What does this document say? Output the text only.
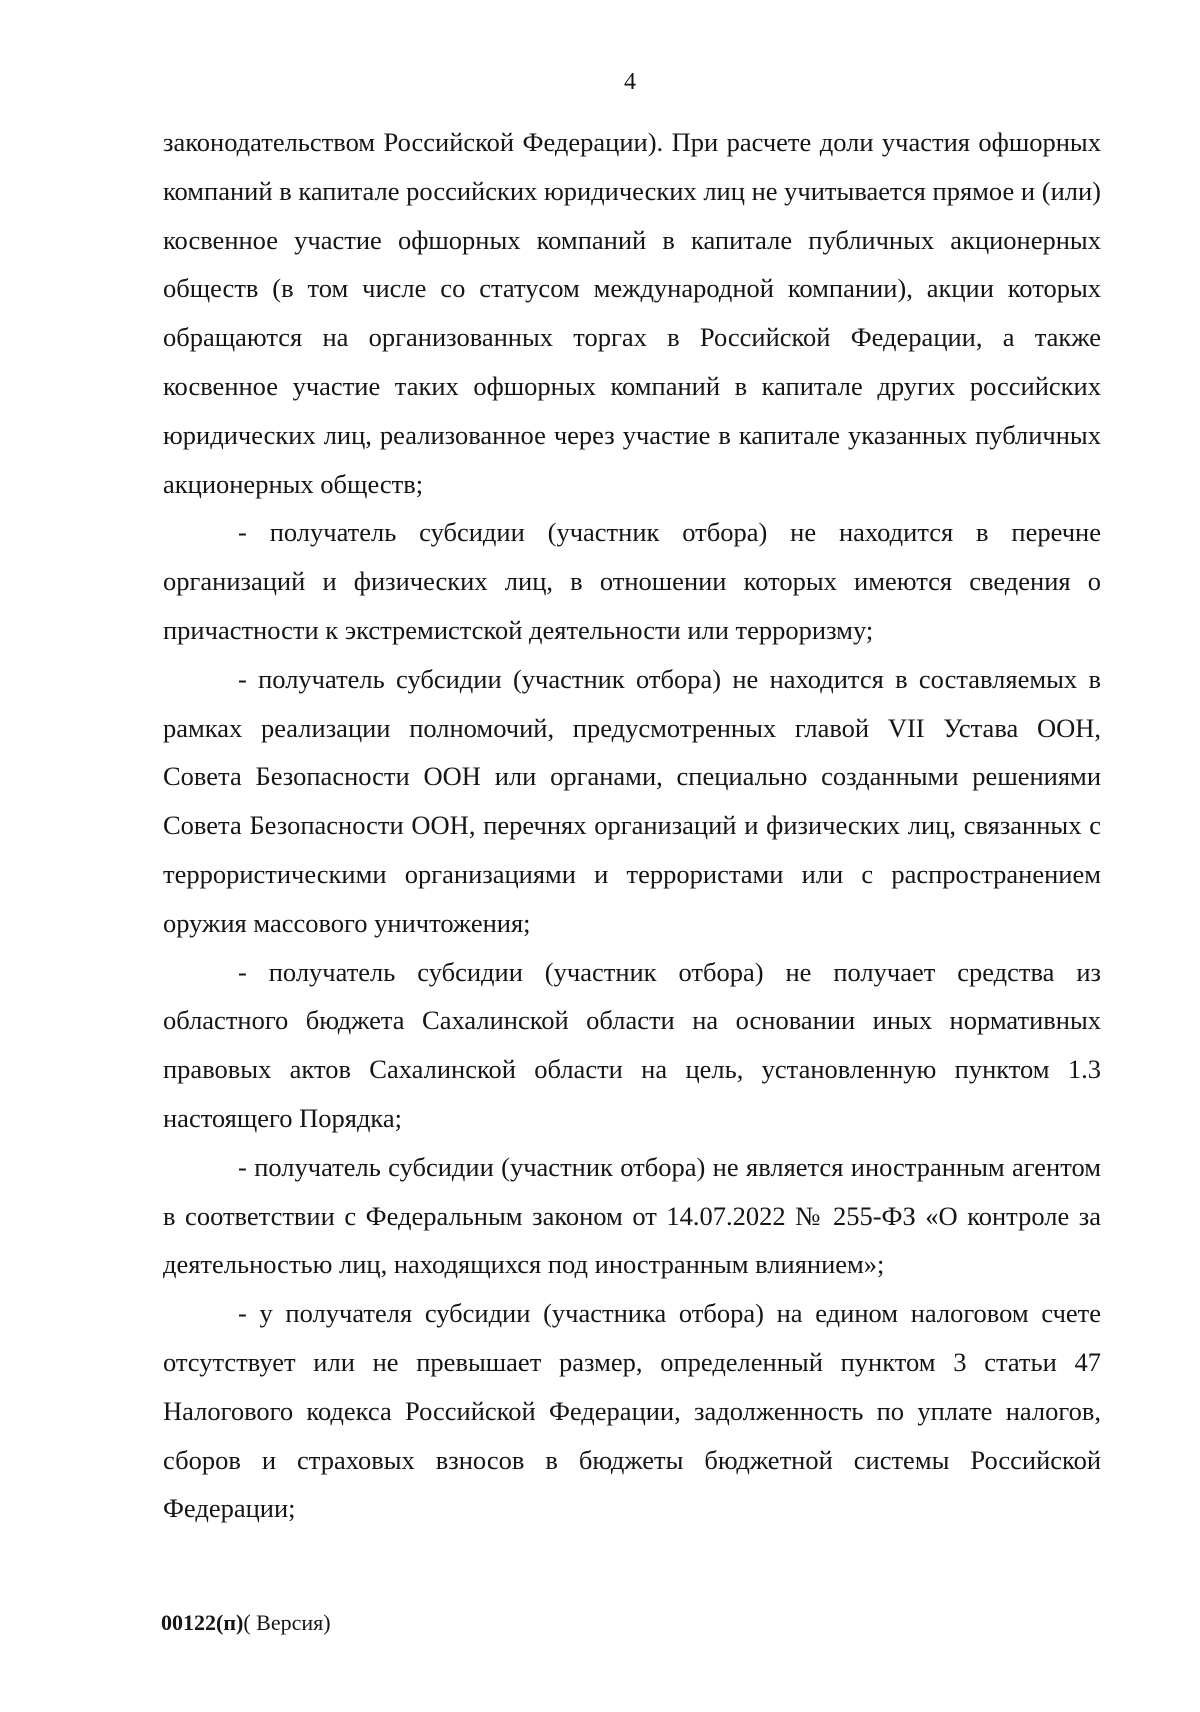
4

законодательством Российской Федерации). При расчете доли участия офшорных компаний в капитале российских юридических лиц не учитывается прямое и (или) косвенное участие офшорных компаний в капитале публичных акционерных обществ (в том числе со статусом международной компании), акции которых обращаются на организованных торгах в Российской Федерации, а также косвенное участие таких офшорных компаний в капитале других российских юридических лиц, реализованное через участие в капитале указанных публичных акционерных обществ;

- получатель субсидии (участник отбора) не находится в перечне организаций и физических лиц, в отношении которых имеются сведения о причастности к экстремистской деятельности или терроризму;

- получатель субсидии (участник отбора) не находится в составляемых в рамках реализации полномочий, предусмотренных главой VII Устава ООН, Совета Безопасности ООН или органами, специально созданными решениями Совета Безопасности ООН, перечнях организаций и физических лиц, связанных с террористическими организациями и террористами или с распространением оружия массового уничтожения;

- получатель субсидии (участник отбора) не получает средства из областного бюджета Сахалинской области на основании иных нормативных правовых актов Сахалинской области на цель, установленную пунктом 1.3 настоящего Порядка;

- получатель субсидии (участник отбора) не является иностранным агентом в соответствии с Федеральным законом от 14.07.2022 № 255-ФЗ «О контроле за деятельностью лиц, находящихся под иностранным влиянием»;

- у получателя субсидии (участника отбора) на едином налоговом счете отсутствует или не превышает размер, определенный пунктом 3 статьи 47 Налогового кодекса Российской Федерации, задолженность по уплате налогов, сборов и страховых взносов в бюджеты бюджетной системы Российской Федерации;

00122(п)( Версия)
